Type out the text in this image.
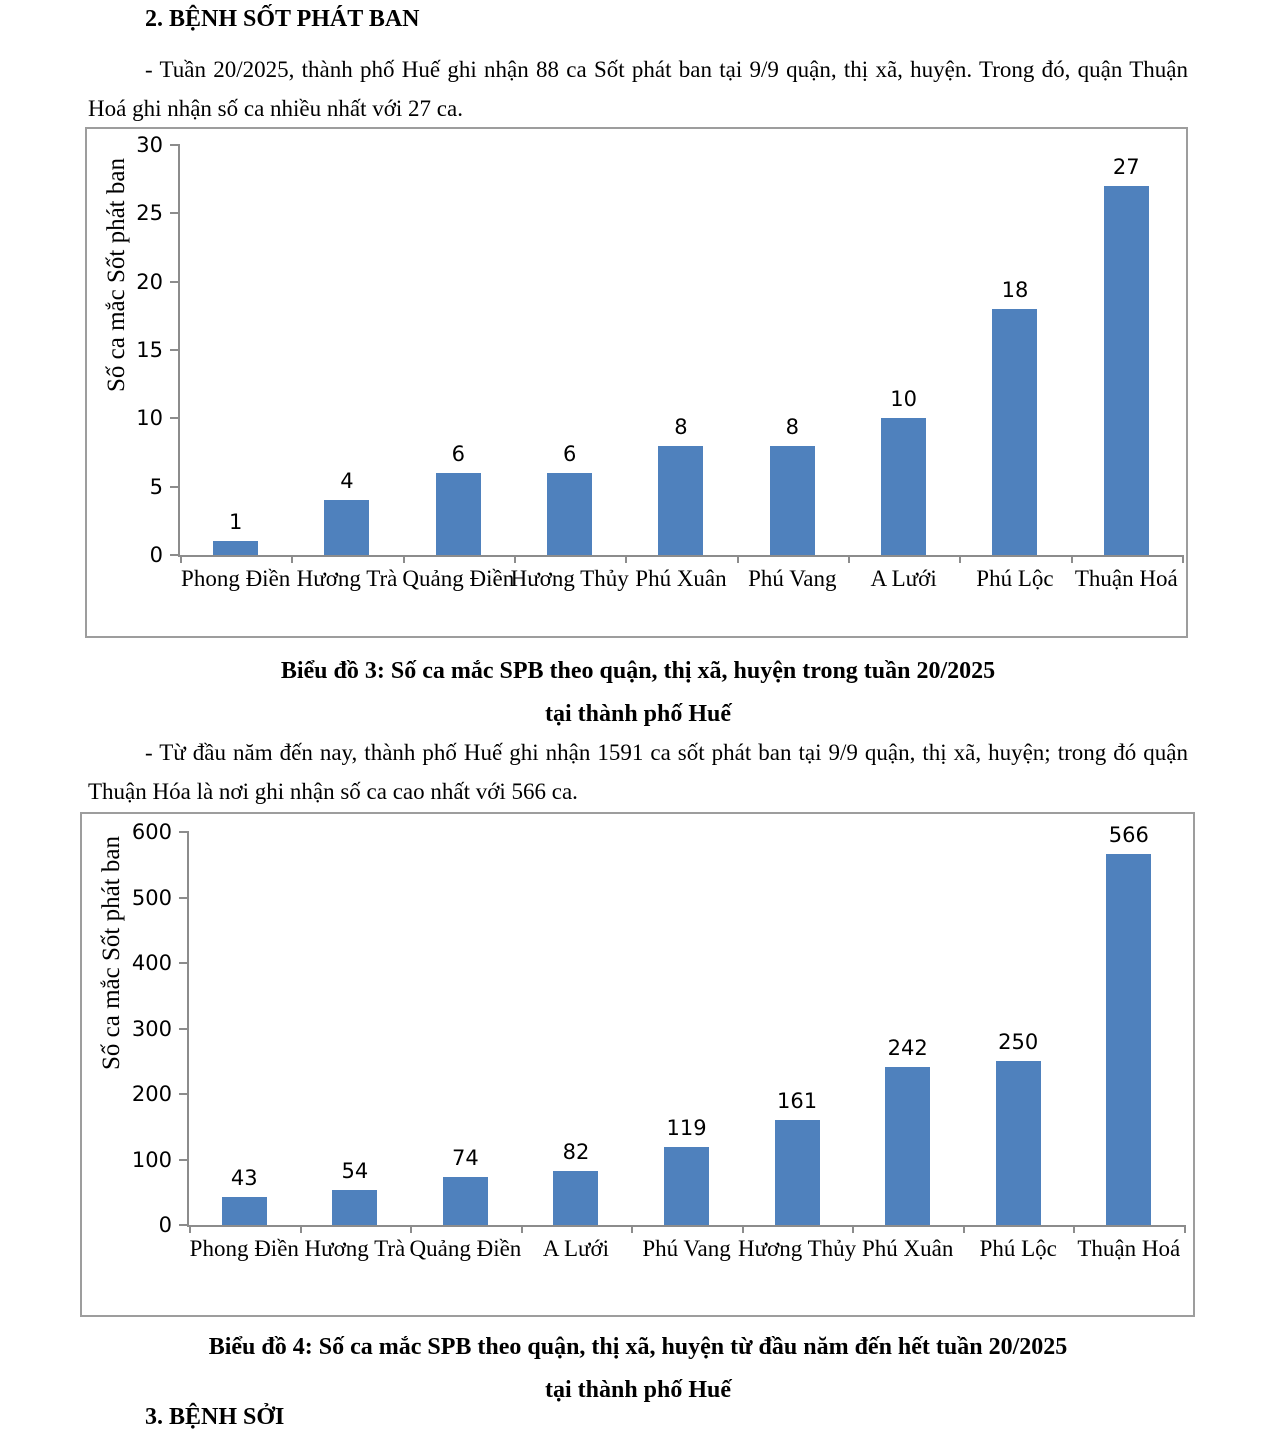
2. BỆNH SỐT PHÁT BAN
- Tuần 20/2025, thành phố Huế ghi nhận 88 ca Sốt phát ban tại 9/9 quận, thị xã, huyện. Trong đó, quận Thuận Hoá ghi nhận số ca nhiều nhất với 27 ca.
Số ca mắc Sốt phát ban
0
5
10
15
20
25
30
1
Phong Điền
4
Hương Trà
6
Quảng Điền
6
Hương Thủy
8
Phú Xuân
8
Phú Vang
10
A Lưới
18
Phú Lộc
27
Thuận Hoá
Biểu đồ 3: Số ca mắc SPB theo quận, thị xã, huyện trong tuần 20/2025
tại thành phố Huế
- Từ đầu năm đến nay, thành phố Huế ghi nhận 1591 ca sốt phát ban tại 9/9 quận, thị xã, huyện; trong đó quận Thuận Hóa là nơi ghi nhận số ca cao nhất với 566 ca.
Số ca mắc Sốt phát ban
0
100
200
300
400
500
600
43
Phong Điền
54
Hương Trà
74
Quảng Điền
82
A Lưới
119
Phú Vang
161
Hương Thủy
242
Phú Xuân
250
Phú Lộc
566
Thuận Hoá
Biểu đồ 4: Số ca mắc SPB theo quận, thị xã, huyện từ đầu năm đến hết tuần 20/2025
tại thành phố Huế
3. BỆNH SỞI
